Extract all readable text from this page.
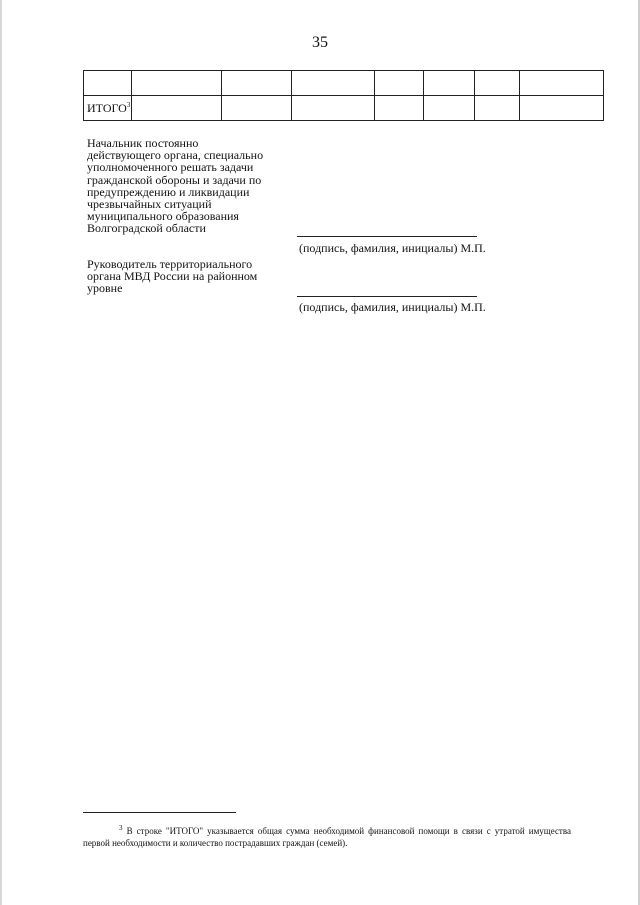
35

ИТОГО$^3$							
Начальник постоянно
действующего органа, специально
уполномоченного решать задачи
гражданской обороны и задачи по
предупреждению и ликвидации
чрезвычайных ситуаций
муниципального образования
Волгоградской области
(подпись, фамилия, инициалы) М.П.
Руководитель территориального
органа МВД России на районном
уровне
(подпись, фамилия, инициалы) М.П.
$^3$ В строке "ИТОГО" указывается общая сумма необходимой финансовой помощи в связи с утратой имущества первой необходимости и количество пострадавших граждан (семей).
